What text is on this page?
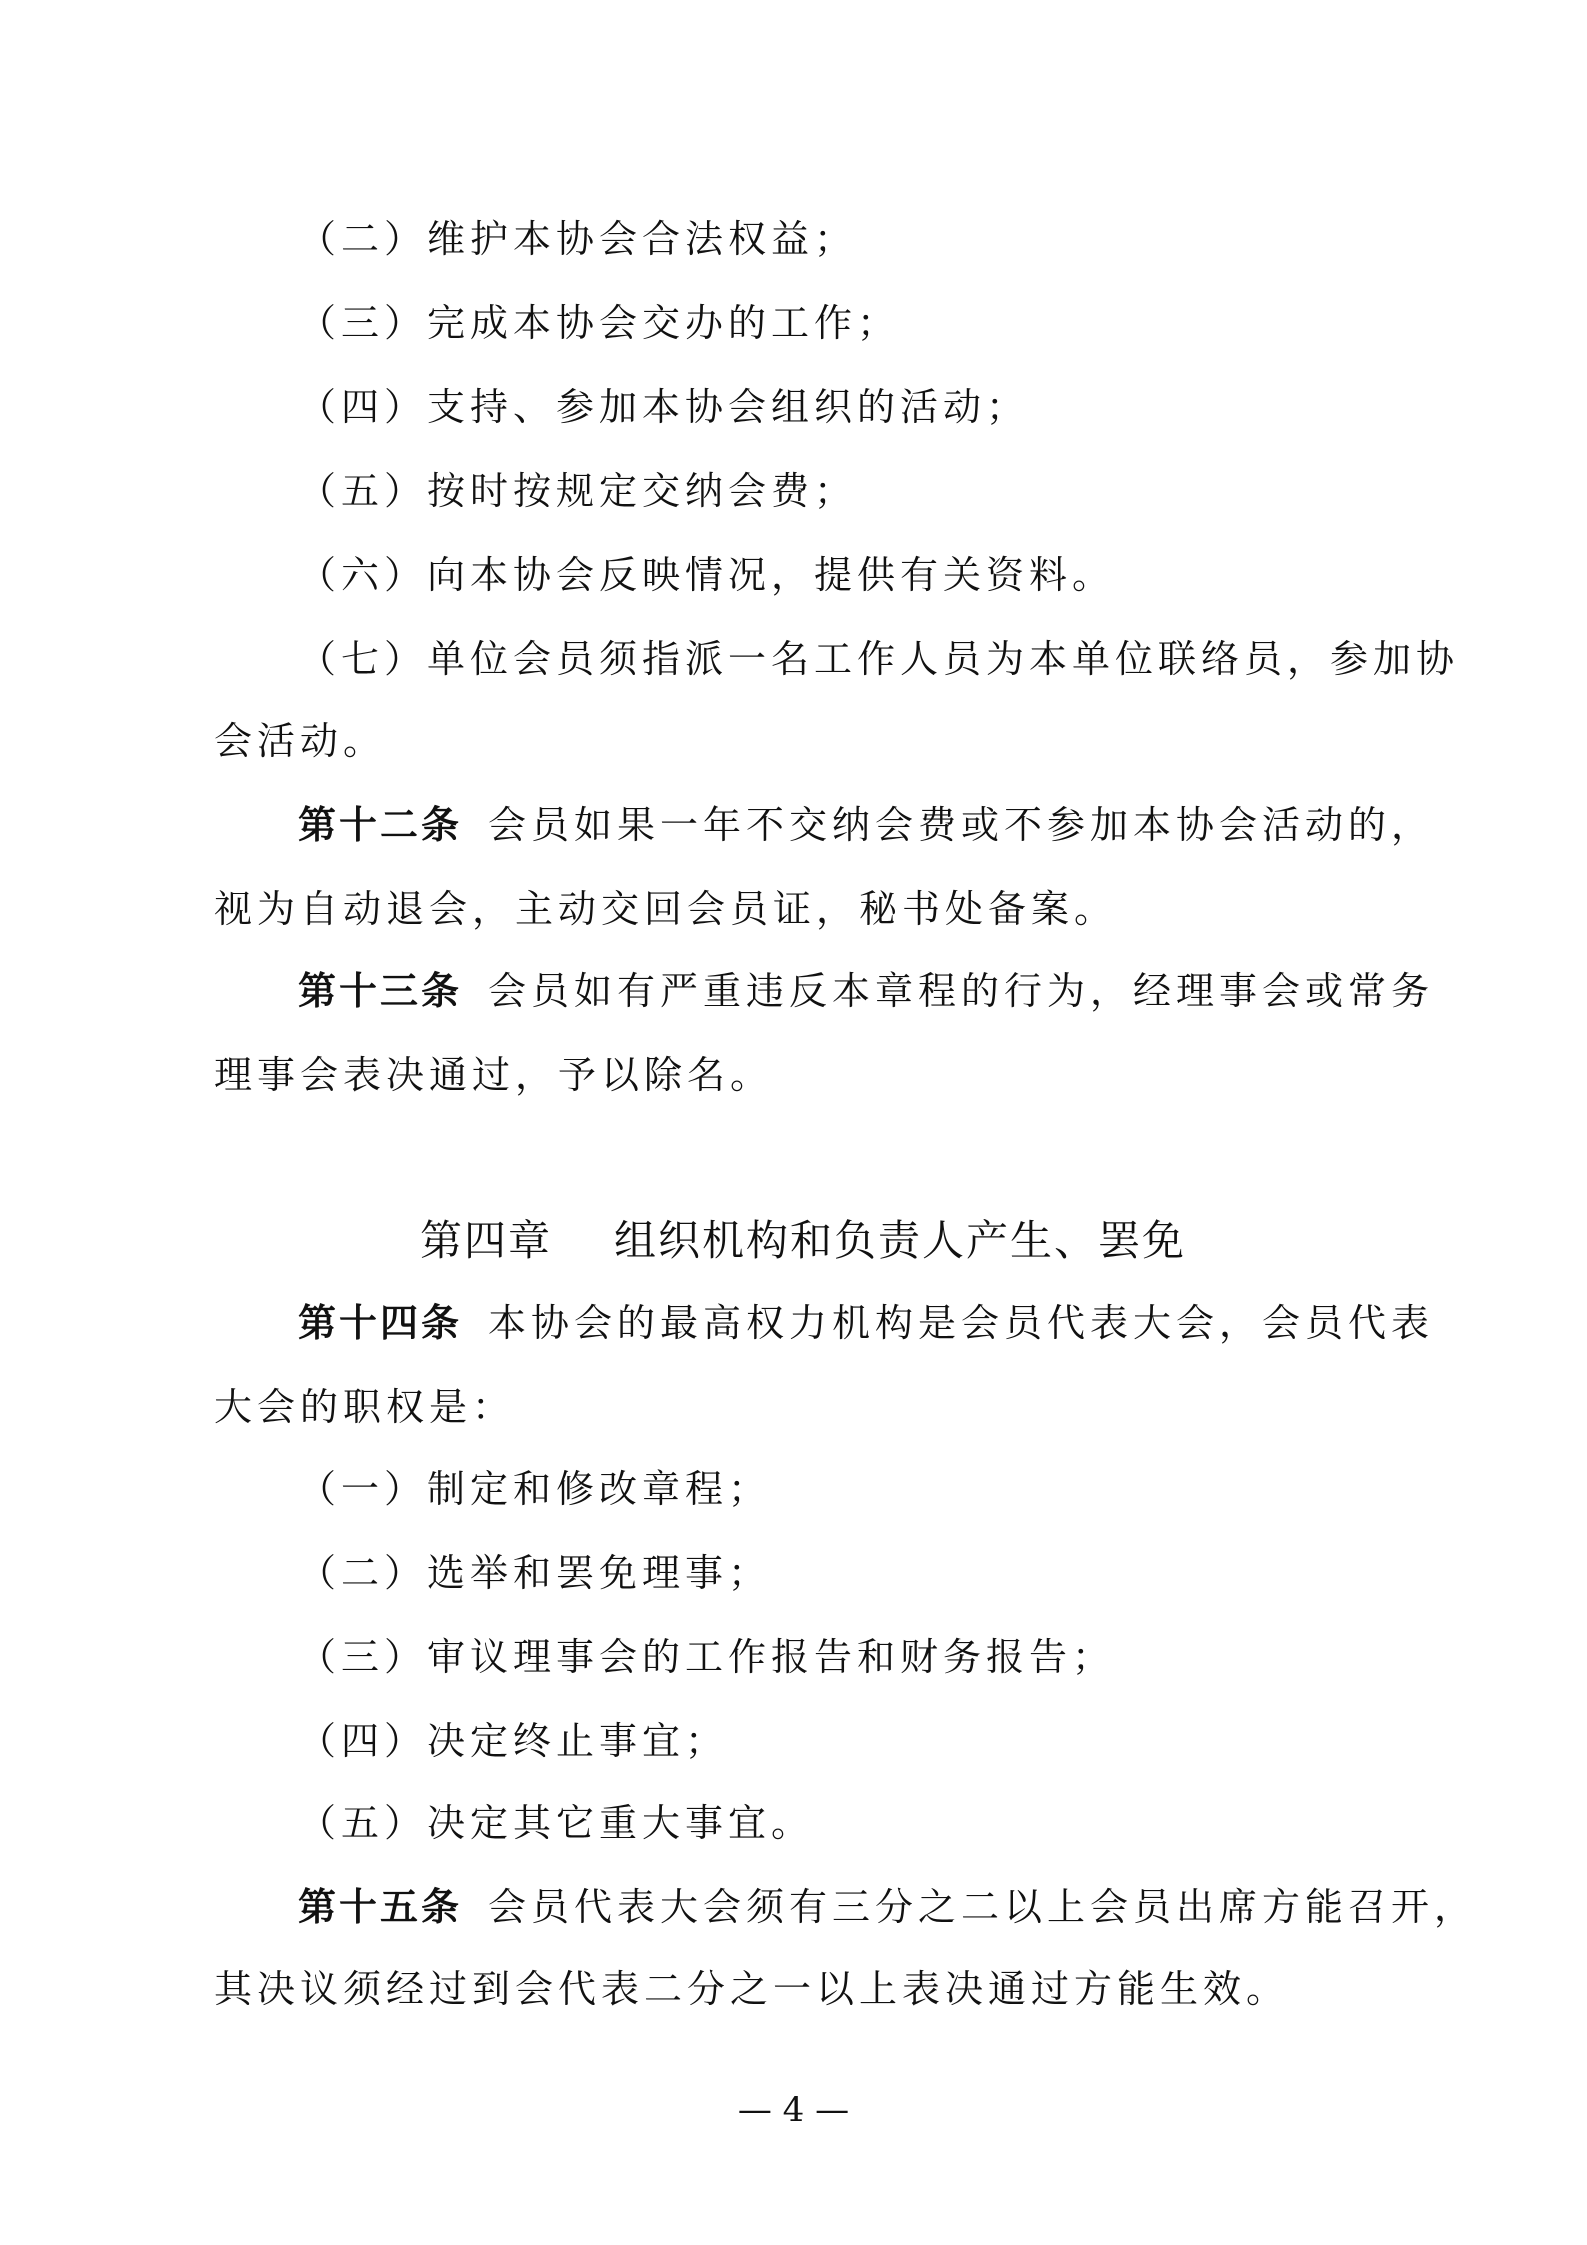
（二）维护本协会合法权益；
（三）完成本协会交办的工作；
（四）支持、参加本协会组织的活动；
（五）按时按规定交纳会费；
（六）向本协会反映情况，提供有关资料。
（七）单位会员须指派一名工作人员为本单位联络员，参加协
会活动。
第十二条 会员如果一年不交纳会费或不参加本协会活动的，
视为自动退会，主动交回会员证，秘书处备案。
第十三条 会员如有严重违反本章程的行为，经理事会或常务
理事会表决通过，予以除名。
第四章 组织机构和负责人产生、罢免
第十四条 本协会的最高权力机构是会员代表大会，会员代表
大会的职权是：
（一）制定和修改章程；
（二）选举和罢免理事；
（三）审议理事会的工作报告和财务报告；
（四）决定终止事宜；
（五）决定其它重大事宜。
第十五条 会员代表大会须有三分之二以上会员出席方能召开，
其决议须经过到会代表二分之一以上表决通过方能生效。
— 4 —
